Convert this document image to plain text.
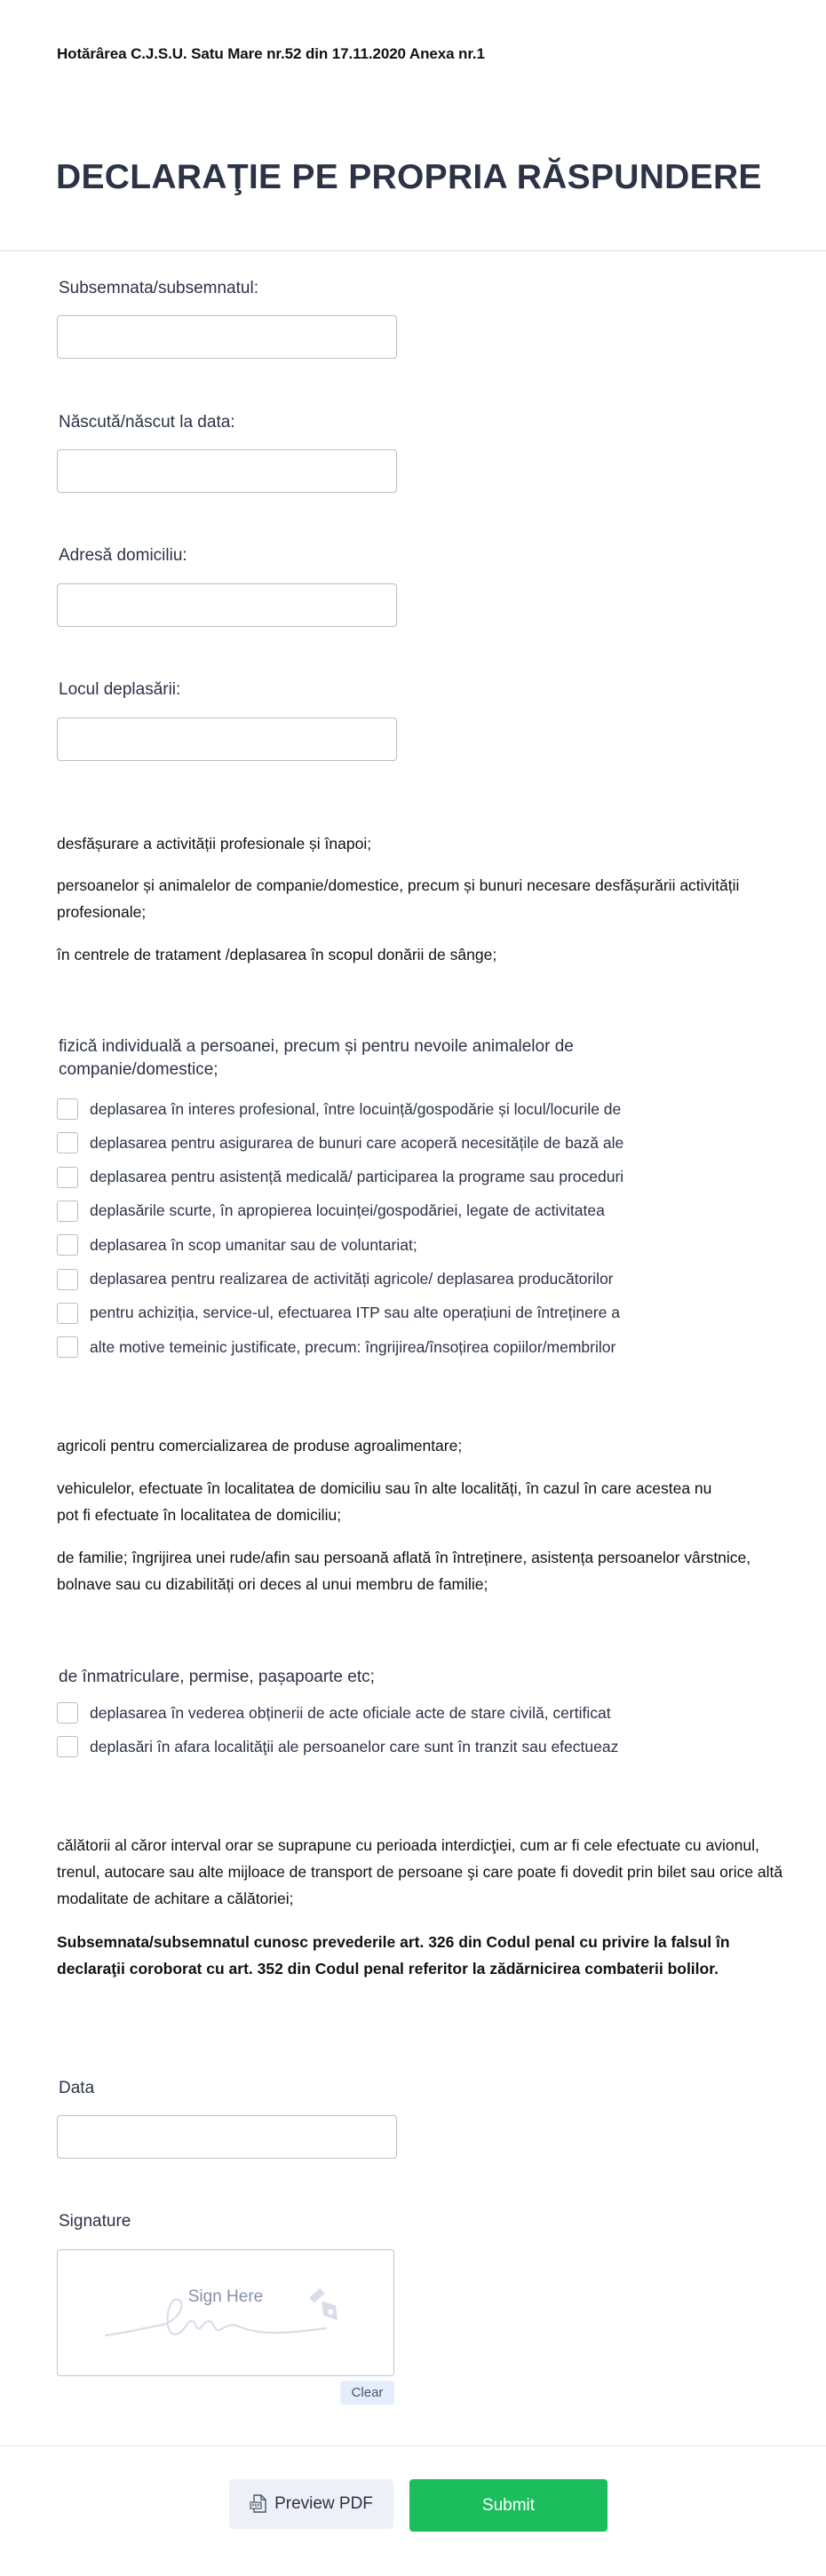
Hotărârea C.J.S.U. Satu Mare nr.52 din 17.11.2020 Anexa nr.1
DECLARAŢIE PE PROPRIA RĂSPUNDERE
Subsemnata/subsemnatul:
Născută/născut la data:
Adresă domiciliu:
Locul deplasării:

desfășurare a activității profesionale și înapoi;

persoanelor și animalelor de companie/domestice, precum și bunuri necesare desfășurării activității profesionale;

în centrele de tratament /deplasarea în scopul donării de sânge;

fizică individuală a persoanei, precum și pentru nevoile animalelor de companie/domestice;
deplasarea în interes profesional, între locuință/gospodărie și locul/locurile de
deplasarea pentru asigurarea de bunuri care acoperă necesitățile de bază ale
deplasarea pentru asistență medicală/ participarea la programe sau proceduri
deplasările scurte, în apropierea locuinței/gospodăriei, legate de activitatea
deplasarea în scop umanitar sau de voluntariat;
deplasarea pentru realizarea de activități agricole/ deplasarea producătorilor
pentru achiziția, service-ul, efectuarea ITP sau alte operațiuni de întreținere a
alte motive temeinic justificate, precum: îngrijirea/însoțirea copiilor/membrilor

agricoli pentru comercializarea de produse agroalimentare;

vehiculelor, efectuate în localitatea de domiciliu sau în alte localități, în cazul în care acestea nu pot fi efectuate în localitatea de domiciliu;

de familie; îngrijirea unei rude/afin sau persoană aflată în întreținere, asistența persoanelor vârstnice, bolnave sau cu dizabilități ori deces al unui membru de familie;

de înmatriculare, permise, pașapoarte etc;
deplasarea în vederea obținerii de acte oficiale acte de stare civilă, certificat
deplasări în afara localităţii ale persoanelor care sunt în tranzit sau efectueaz

călătorii al căror interval orar se suprapune cu perioada interdicţiei, cum ar fi cele efectuate cu avionul, trenul, autocare sau alte mijloace de transport de persoane şi care poate fi dovedit prin bilet sau orice altă modalitate de achitare a călătoriei;

Subsemnata/subsemnatul cunosc prevederile art. 326 din Codul penal cu privire la falsul în declaraţii coroborat cu art. 352 din Codul penal referitor la zădărnicirea combaterii bolilor.

Data
Signature
Sign Here
Clear
Preview PDF	Submit
